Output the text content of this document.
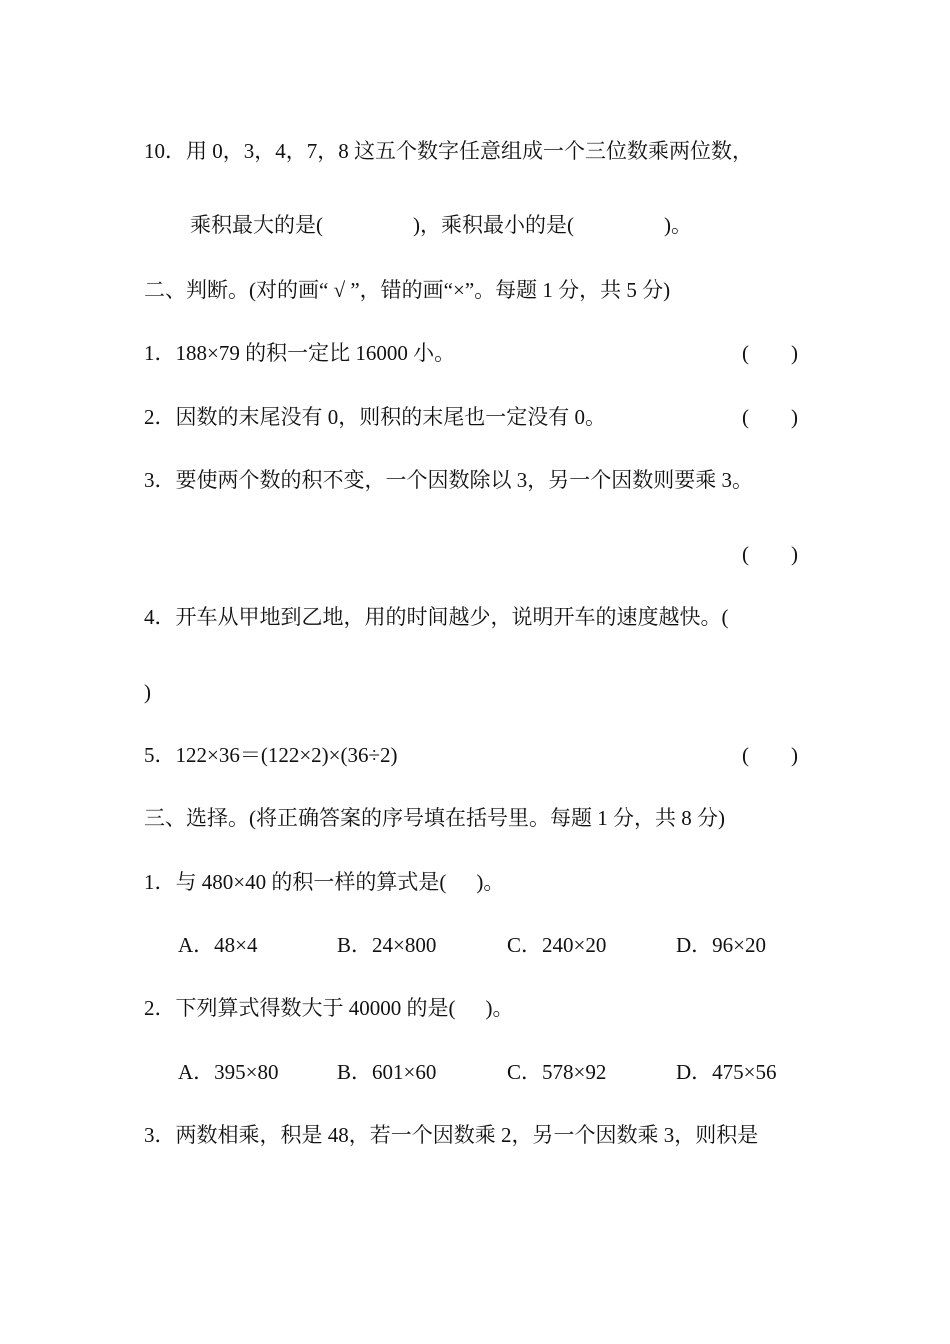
10．用 0，3，4，7，8 这五个数字任意组成一个三位数乘两位数，
乘积最大的是(	)，乘积最小的是(	)。
二、判断。(对的画“ √ ”，错的画“×”。每题 1 分，共 5 分)
1．188×79 的积一定比 16000 小。	(        )
2．因数的末尾没有 0，则积的末尾也一定没有 0。	(        )
3．要使两个数的积不变，一个因数除以 3，另一个因数则要乘 3。
(        )
4．开车从甲地到乙地，用的时间越少，说明开车的速度越快。(
)
5．122×36＝(122×2)×(36÷2)	(        )
三、选择。(将正确答案的序号填在括号里。每题 1 分，共 8 分)
1．与 480×40 的积一样的算式是( )。
A．48×4	B．24×800	C．240×20	D．96×20
2．下列算式得数大于 40000 的是( )。
A．395×80	B．601×60	C．578×92	D．475×56
3．两数相乘，积是 48，若一个因数乘 2，另一个因数乘 3，则积是
